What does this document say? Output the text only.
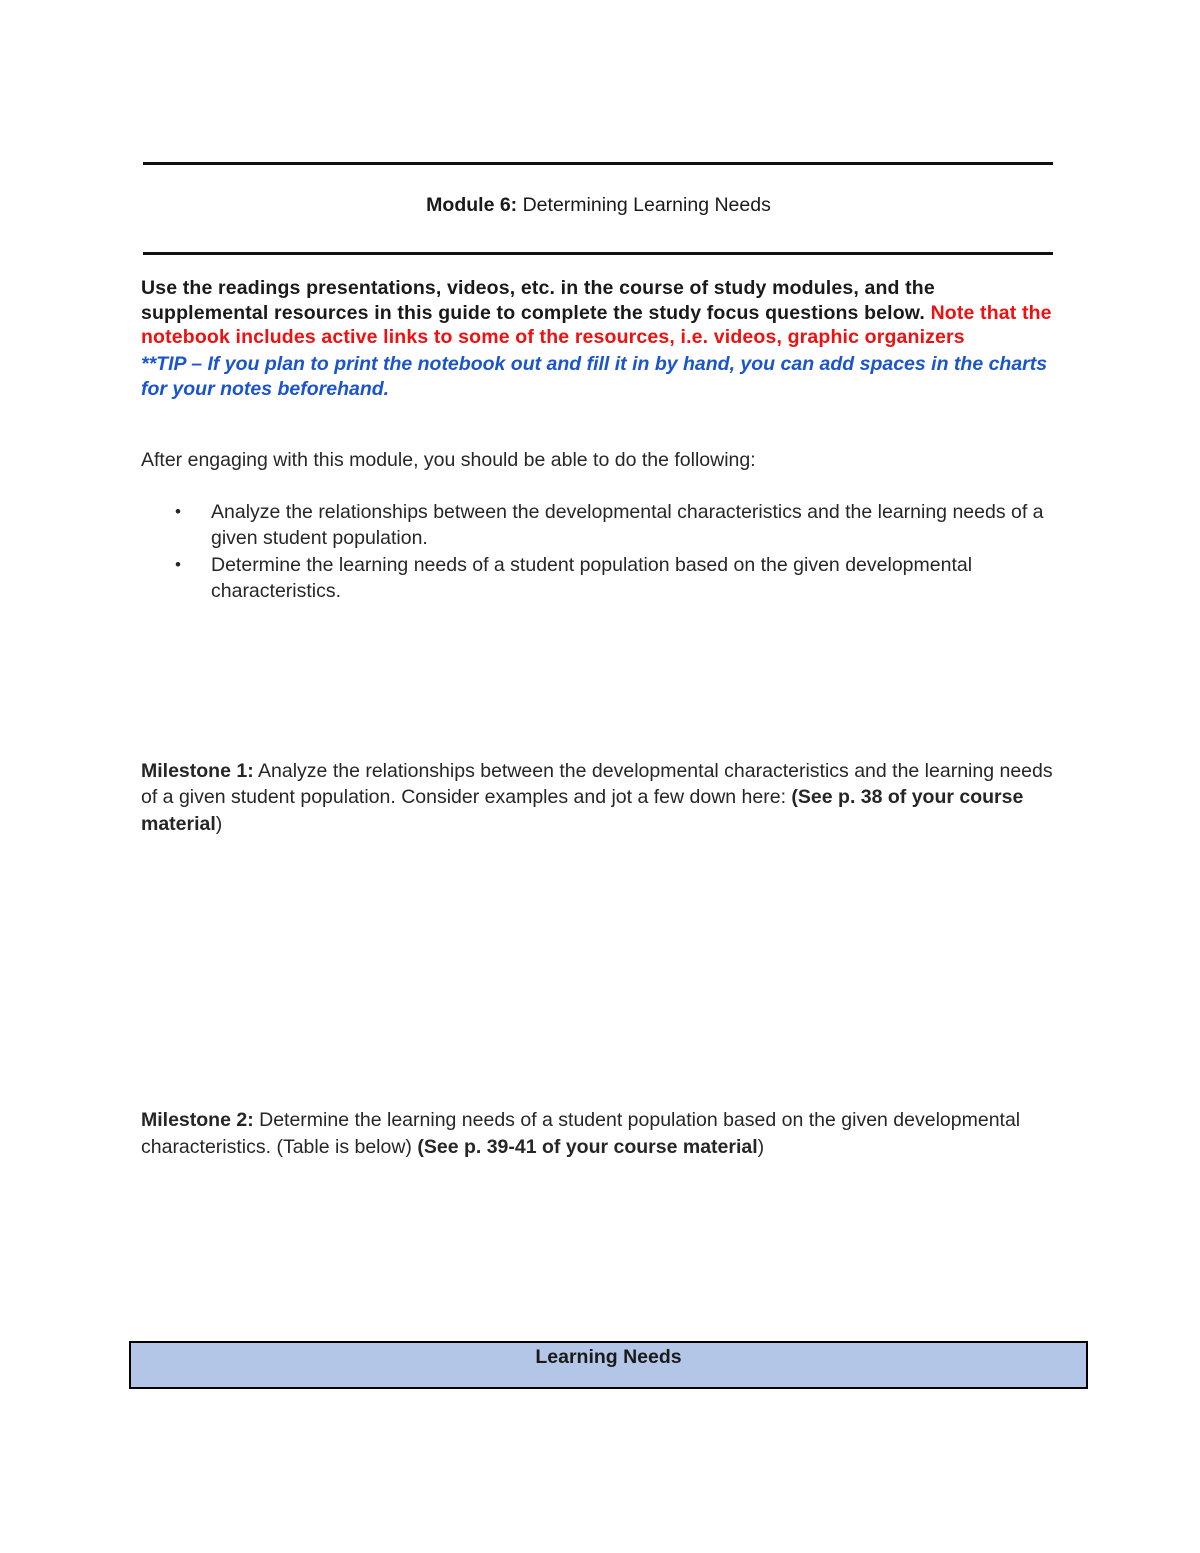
Module 6: Determining Learning Needs
Use the readings presentations, videos, etc. in the course of study modules, and the supplemental resources in this guide to complete the study focus questions below. Note that the notebook includes active links to some of the resources, i.e. videos, graphic organizers
**TIP – If you plan to print the notebook out and fill it in by hand, you can add spaces in the charts for your notes beforehand.
After engaging with this module, you should be able to do the following:
• Analyze the relationships between the developmental characteristics and the learning needs of a given student population.
• Determine the learning needs of a student population based on the given developmental characteristics.
Milestone 1: Analyze the relationships between the developmental characteristics and the learning needs of a given student population. Consider examples and jot a few down here: (See p. 38 of your course material)
Milestone 2: Determine the learning needs of a student population based on the given developmental characteristics. (Table is below) (See p. 39-41 of your course material)
Learning Needs
